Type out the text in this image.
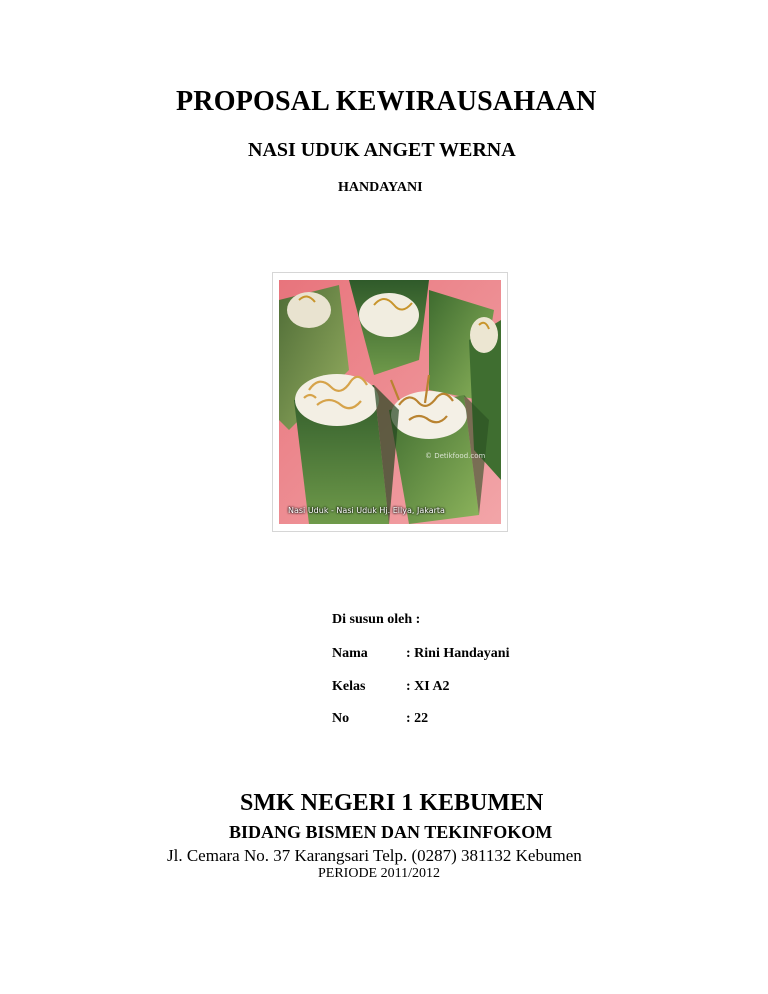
PROPOSAL KEWIRAUSAHAAN
NASI UDUK ANGET WERNA
HANDAYANI
© Detikfood.com
Nasi Uduk - Nasi Uduk Hj. Ellya, Jakarta
Di susun oleh :
Nama	: Rini Handayani
Kelas	: XI A2
No	: 22
SMK NEGERI 1 KEBUMEN
BIDANG BISMEN DAN TEKINFOKOM
Jl. Cemara No. 37 Karangsari Telp. (0287) 381132 Kebumen
PERIODE 2011/2012
